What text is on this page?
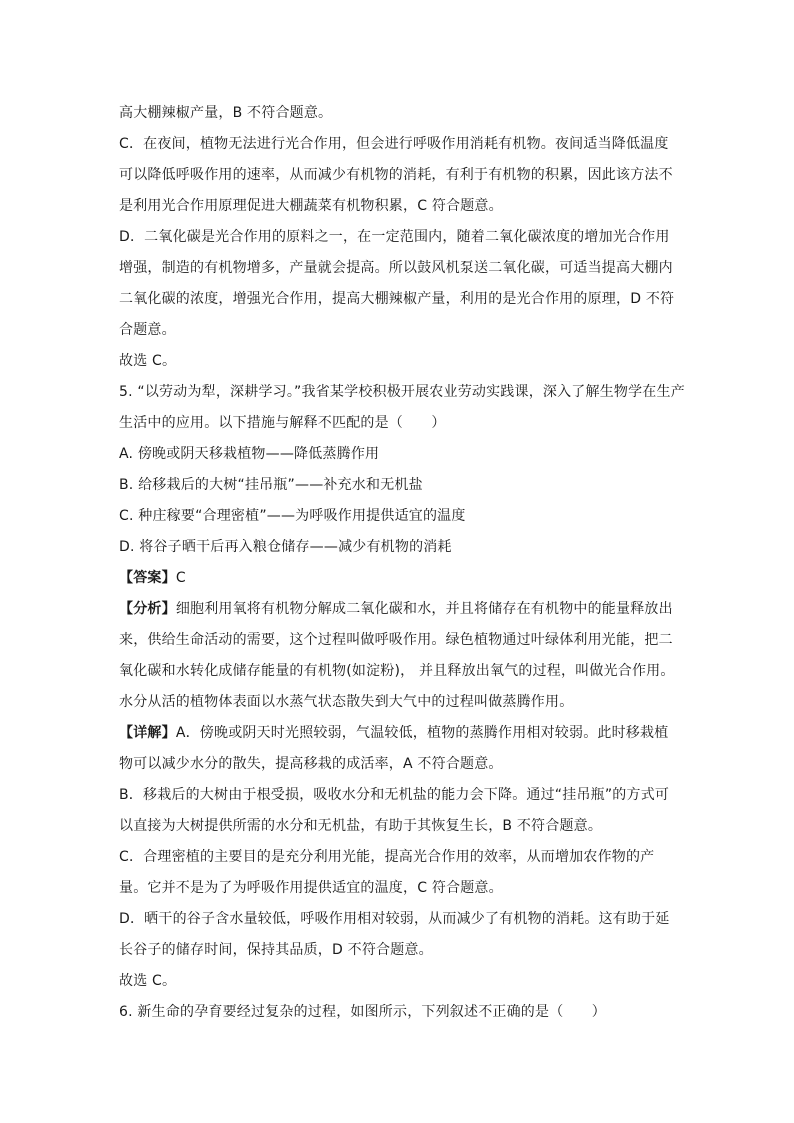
高大棚辣椒产量，B 不符合题意。
C．在夜间，植物无法进行光合作用，但会进行呼吸作用消耗有机物。夜间适当降低温度
可以降低呼吸作用的速率，从而减少有机物的消耗，有利于有机物的积累，因此该方法不
是利用光合作用原理促进大棚蔬菜有机物积累，C 符合题意。
D．二氧化碳是光合作用的原料之一，在一定范围内，随着二氧化碳浓度的增加光合作用
增强，制造的有机物增多，产量就会提高。所以鼓风机泵送二氧化碳，可适当提高大棚内
二氧化碳的浓度，增强光合作用，提高大棚辣椒产量，利用的是光合作用的原理，D 不符
合题意。
故选 C。
5. “以劳动为犁，深耕学习。”我省某学校积极开展农业劳动实践课，深入了解生物学在生产
生活中的应用。以下措施与解释不匹配的是（　　）
A. 傍晚或阴天移栽植物——降低蒸腾作用
B. 给移栽后的大树“挂吊瓶”——补充水和无机盐
C. 种庄稼要“合理密植”——为呼吸作用提供适宜的温度
D. 将谷子晒干后再入粮仓储存——减少有机物的消耗
【答案】C
【分析】细胞利用氧将有机物分解成二氧化碳和水，并且将储存在有机物中的能量释放出
来，供给生命活动的需要，这个过程叫做呼吸作用。绿色植物通过叶绿体利用光能，把二
氧化碳和水转化成储存能量的有机物(如淀粉)， 并且释放出氧气的过程，叫做光合作用。
水分从活的植物体表面以水蒸气状态散失到大气中的过程叫做蒸腾作用。
【详解】A．傍晚或阴天时光照较弱，气温较低，植物的蒸腾作用相对较弱。此时移栽植
物可以减少水分的散失，提高移栽的成活率，A 不符合题意。
B．移栽后的大树由于根受损，吸收水分和无机盐的能力会下降。通过“挂吊瓶”的方式可
以直接为大树提供所需的水分和无机盐，有助于其恢复生长，B 不符合题意。
C．合理密植的主要目的是充分利用光能，提高光合作用的效率，从而增加农作物的产
量。它并不是为了为呼吸作用提供适宜的温度，C 符合题意。
D．晒干的谷子含水量较低，呼吸作用相对较弱，从而减少了有机物的消耗。这有助于延
长谷子的储存时间，保持其品质，D 不符合题意。
故选 C。
6. 新生命的孕育要经过复杂的过程，如图所示，下列叙述不正确的是（　　）
